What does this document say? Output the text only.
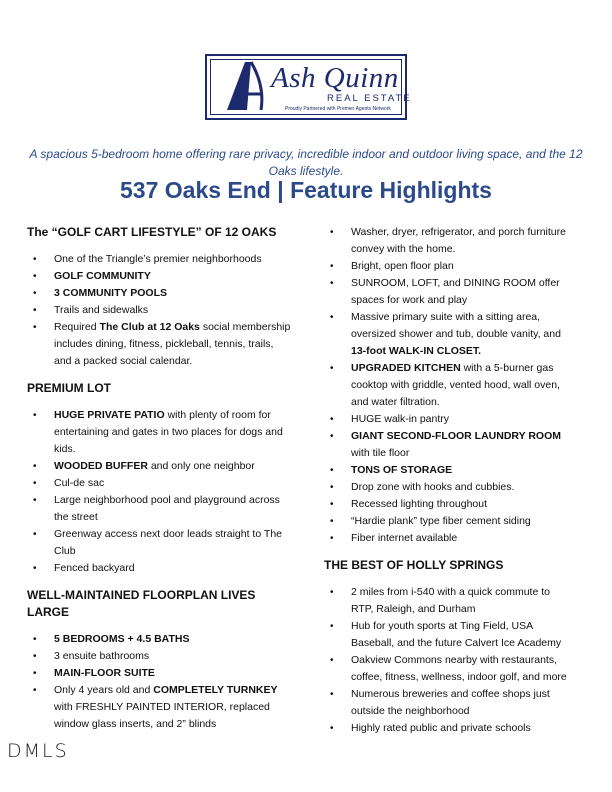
Ash Quinn
REAL ESTATE
Proudly Partnered with Premier Agents Network
A spacious 5-bedroom home offering rare privacy, incredible indoor and outdoor living space, and the 12 Oaks lifestyle.
537 Oaks End | Feature Highlights
The “GOLF CART LIFESTYLE” OF 12 OAKS
• One of the Triangle’s premier neighborhoods
• GOLF COMMUNITY
• 3 COMMUNITY POOLS
• Trails and sidewalks
• Required The Club at 12 Oaks social membership includes dining, fitness, pickleball, tennis, trails, and a packed social calendar.
PREMIUM LOT
• HUGE PRIVATE PATIO with plenty of room for entertaining and gates in two places for dogs and kids.
• WOODED BUFFER and only one neighbor
• Cul-de sac
• Large neighborhood pool and playground across the street
• Greenway access next door leads straight to The Club
• Fenced backyard
WELL-MAINTAINED FLOORPLAN LIVES LARGE
• 5 BEDROOMS + 4.5 BATHS
• 3 ensuite bathrooms
• MAIN-FLOOR SUITE
• Only 4 years old and COMPLETELY TURNKEY with FRESHLY PAINTED INTERIOR, replaced window glass inserts, and 2” blinds
• Washer, dryer, refrigerator, and porch furniture convey with the home.
• Bright, open floor plan
• SUNROOM, LOFT, and DINING ROOM offer spaces for work and play
• Massive primary suite with a sitting area, oversized shower and tub, double vanity, and 13-foot WALK-IN CLOSET.
• UPGRADED KITCHEN with a 5-burner gas cooktop with griddle, vented hood, wall oven, and water filtration.
• HUGE walk-in pantry
• GIANT SECOND-FLOOR LAUNDRY ROOM with tile floor
• TONS OF STORAGE
• Drop zone with hooks and cubbies.
• Recessed lighting throughout
• “Hardie plank” type fiber cement siding
• Fiber internet available
THE BEST OF HOLLY SPRINGS
• 2 miles from i-540 with a quick commute to RTP, Raleigh, and Durham
• Hub for youth sports at Ting Field, USA Baseball, and the future Calvert Ice Academy
• Oakview Commons nearby with restaurants, coffee, fitness, wellness, indoor golf, and more
• Numerous breweries and coffee shops just outside the neighborhood
• Highly rated public and private schools
DMLS
